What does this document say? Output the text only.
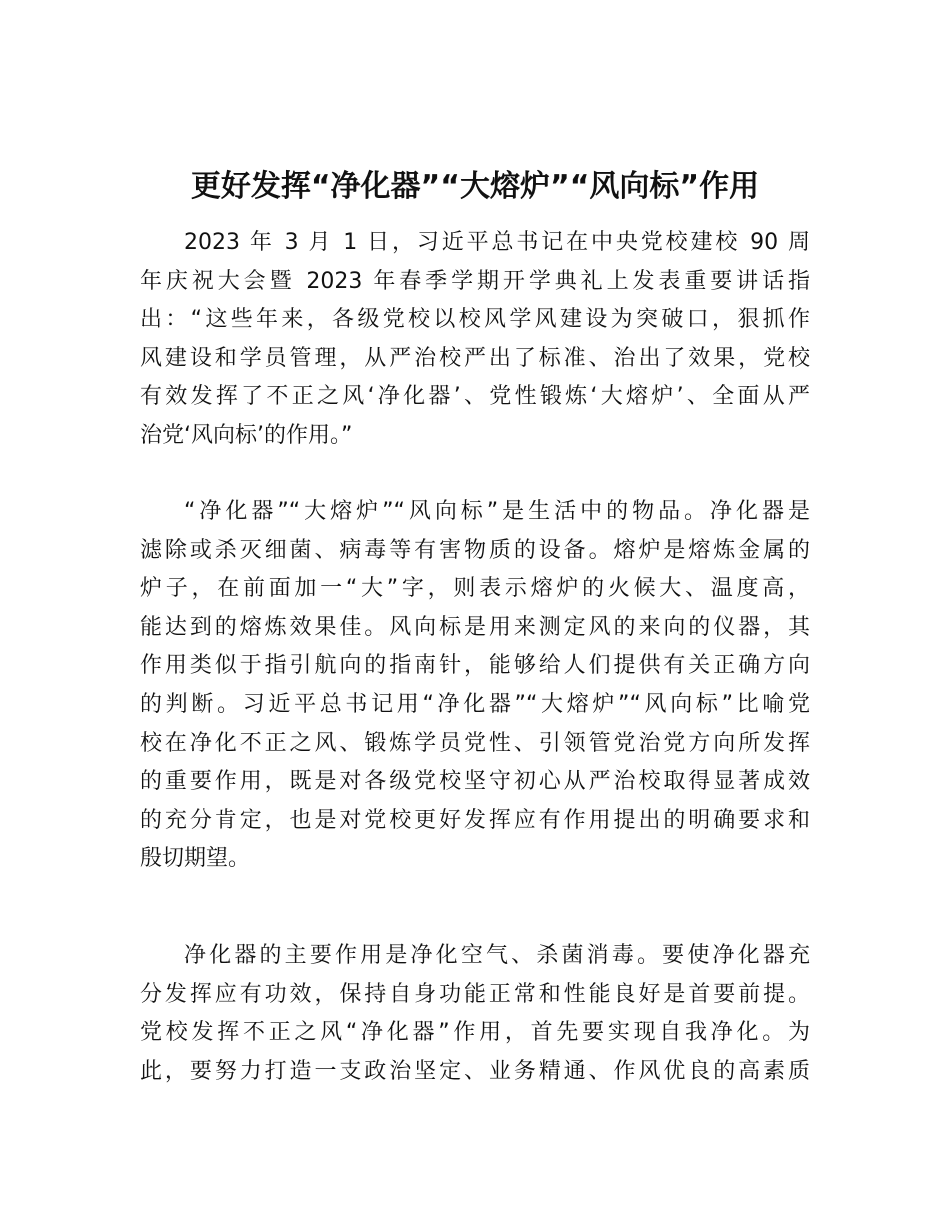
更好发挥“净化器”“大熔炉”“风向标”作用
2023 年 3 月 1 日，习近平总书记在中央党校建校 90 周
年庆祝大会暨 2023 年春季学期开学典礼上发表重要讲话指
出：“这些年来，各级党校以校风学风建设为突破口，狠抓作
风建设和学员管理，从严治校严出了标准、治出了效果，党校
有效发挥了不正之风‘净化器’、党性锻炼‘大熔炉’、全面从严
治党‘风向标’的作用。”
“净化器”“大熔炉”“风向标”是生活中的物品。净化器是
滤除或杀灭细菌、病毒等有害物质的设备。熔炉是熔炼金属的
炉子，在前面加一“大”字，则表示熔炉的火候大、温度高，
能达到的熔炼效果佳。风向标是用来测定风的来向的仪器，其
作用类似于指引航向的指南针，能够给人们提供有关正确方向
的判断。习近平总书记用“净化器”“大熔炉”“风向标”比喻党
校在净化不正之风、锻炼学员党性、引领管党治党方向所发挥
的重要作用，既是对各级党校坚守初心从严治校取得显著成效
的充分肯定，也是对党校更好发挥应有作用提出的明确要求和
殷切期望。
净化器的主要作用是净化空气、杀菌消毒。要使净化器充
分发挥应有功效，保持自身功能正常和性能良好是首要前提。
党校发挥不正之风“净化器”作用，首先要实现自我净化。为
此，要努力打造一支政治坚定、业务精通、作风优良的高素质
